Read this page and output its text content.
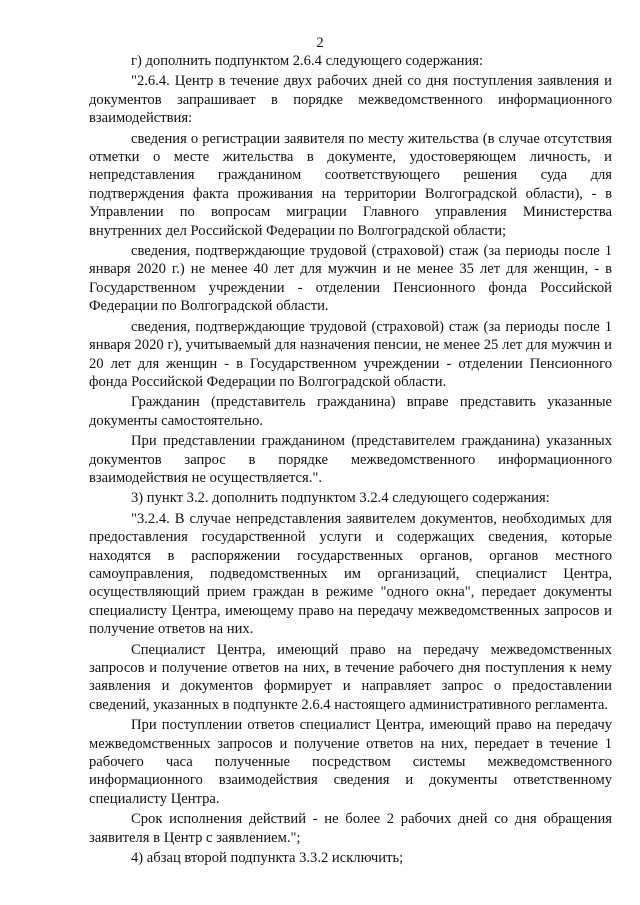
2

г) дополнить подпунктом 2.6.4 следующего содержания:

"2.6.4. Центр в течение двух рабочих дней со дня поступления заявления и документов запрашивает в порядке межведомственного информационного взаимодействия:

сведения о регистрации заявителя по месту жительства (в случае отсутствия отметки о месте жительства в документе, удостоверяющем личность, и непредставления гражданином соответствующего решения суда для подтверждения факта проживания на территории Волгоградской области), - в Управлении по вопросам миграции Главного управления Министерства внутренних дел Российской Федерации по Волгоградской области;

сведения, подтверждающие трудовой (страховой) стаж (за периоды после 1 января 2020 г.) не менее 40 лет для мужчин и не менее 35 лет для женщин, - в Государственном учреждении - отделении Пенсионного фонда Российской Федерации по Волгоградской области.

сведения, подтверждающие трудовой (страховой) стаж (за периоды после 1 января 2020 г), учитываемый для назначения пенсии, не менее 25 лет для мужчин и 20 лет для женщин - в Государственном учреждении - отделении Пенсионного фонда Российской Федерации по Волгоградской области.

Гражданин (представитель гражданина) вправе представить указанные документы самостоятельно.

При представлении гражданином (представителем гражданина) указанных документов запрос в порядке межведомственного информационного взаимодействия не осуществляется.".

3) пункт 3.2. дополнить подпунктом 3.2.4 следующего содержания:

"3.2.4. В случае непредставления заявителем документов, необходимых для предоставления государственной услуги и содержащих сведения, которые находятся в распоряжении государственных органов, органов местного самоуправления, подведомственных им организаций, специалист Центра, осуществляющий прием граждан в режиме "одного окна", передает документы специалисту Центра, имеющему право на передачу межведомственных запросов и получение ответов на них.

Специалист Центра, имеющий право на передачу межведомственных запросов и получение ответов на них, в течение рабочего дня поступления к нему заявления и документов формирует и направляет запрос о предоставлении сведений, указанных в подпункте 2.6.4 настоящего административного регламента.

При поступлении ответов специалист Центра, имеющий право на передачу межведомственных запросов и получение ответов на них, передает в течение 1 рабочего часа полученные посредством системы межведомственного информационного взаимодействия сведения и документы ответственному специалисту Центра.

Срок исполнения действий - не более 2 рабочих дней со дня обращения заявителя в Центр с заявлением.";

4) абзац второй подпункта 3.3.2 исключить;
